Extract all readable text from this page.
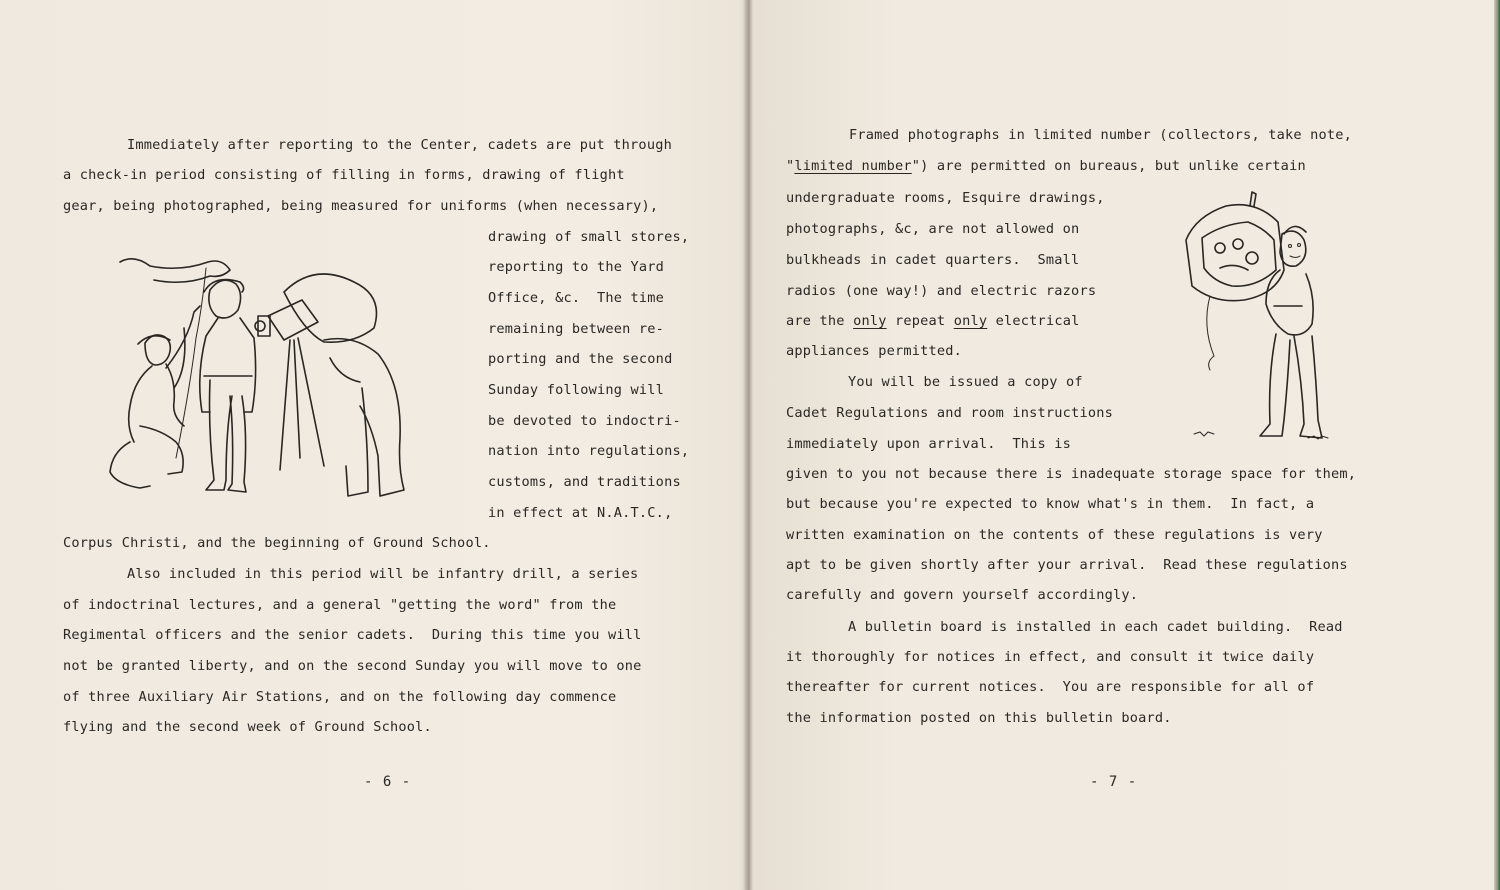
Immediately after reporting to the Center, cadets are put through
a check-in period consisting of filling in forms, drawing of flight
gear, being photographed, being measured for uniforms (when necessary),
drawing of small stores,
reporting to the Yard
Office, &c.  The time
remaining between re-
porting and the second
Sunday following will
be devoted to indoctri-
nation into regulations,
customs, and traditions
in effect at N.A.T.C.,
Corpus Christi, and the beginning of Ground School.
Also included in this period will be infantry drill, a series
of indoctrinal lectures, and a general "getting the word" from the
Regimental officers and the senior cadets.  During this time you will
not be granted liberty, and on the second Sunday you will move to one
of three Auxiliary Air Stations, and on the following day commence
flying and the second week of Ground School.
- 6 -
Framed photographs in limited number (collectors, take note,
"limited number") are permitted on bureaus, but unlike certain
undergraduate rooms, Esquire drawings,
photographs, &c, are not allowed on
bulkheads in cadet quarters.  Small
radios (one way!) and electric razors
are the only repeat only electrical
appliances permitted.
You will be issued a copy of
Cadet Regulations and room instructions
immediately upon arrival.  This is
given to you not because there is inadequate storage space for them,
but because you're expected to know what's in them.  In fact, a
written examination on the contents of these regulations is very
apt to be given shortly after your arrival.  Read these regulations
carefully and govern yourself accordingly.
A bulletin board is installed in each cadet building.  Read
it thoroughly for notices in effect, and consult it twice daily
thereafter for current notices.  You are responsible for all of
the information posted on this bulletin board.
- 7 -
